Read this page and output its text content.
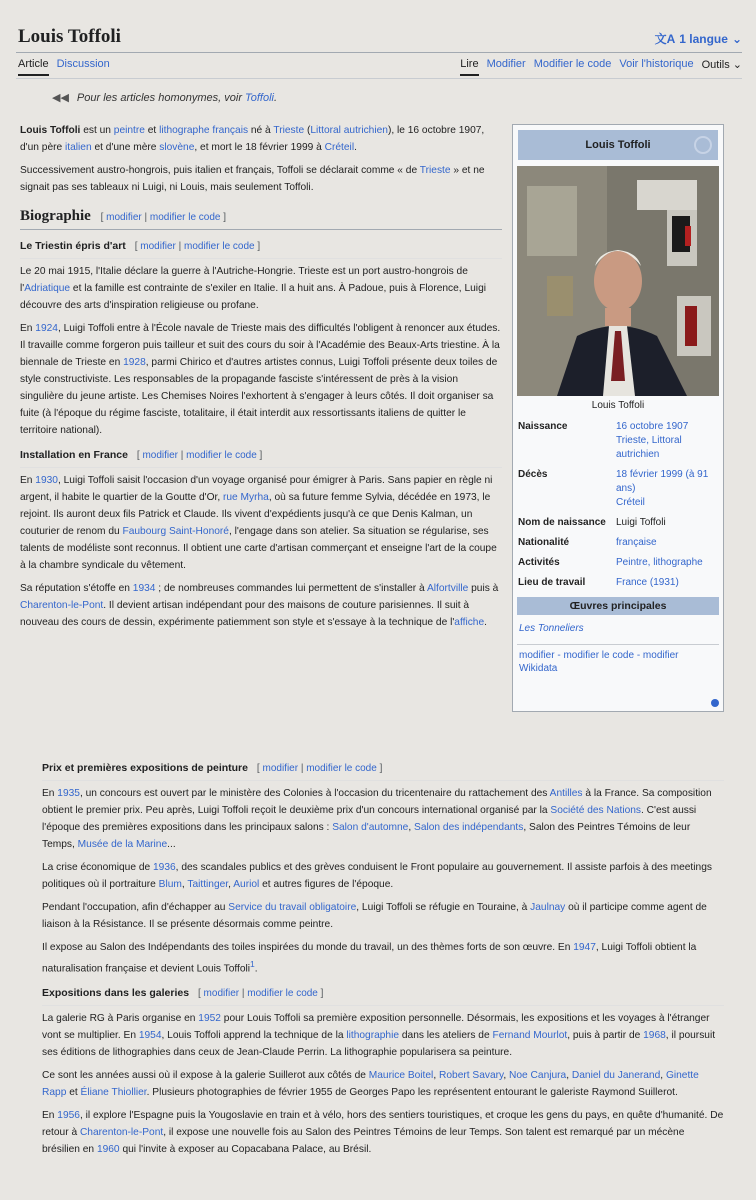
Louis Toffoli	文A 1 langue ⌄
Article Discussion	Lire Modifier Modifier le code Voir l'historique Outils ⌄
◀◀ Pour les articles homonymes, voir Toffoli.

Louis Toffoli est un peintre et lithographe français né à Trieste (Littoral autrichien), le 16 octobre 1907, d'un père italien et d'une mère slovène, et mort le 18 février 1999 à Créteil.

Successivement austro-hongrois, puis italien et français, Toffoli se déclarait comme « de Trieste » et ne signait pas ses tableaux ni Luigi, ni Louis, mais seulement Toffoli.

Biographie [ modifier | modifier le code ]
Le Triestin épris d'art [ modifier | modifier le code ]

Le 20 mai 1915, l'Italie déclare la guerre à l'Autriche-Hongrie. Trieste est un port austro-hongrois de l'Adriatique et la famille est contrainte de s'exiler en Italie. Il a huit ans. À Padoue, puis à Florence, Luigi découvre des arts d'inspiration religieuse ou profane.

En 1924, Luigi Toffoli entre à l'École navale de Trieste mais des difficultés l'obligent à renoncer aux études. Il travaille comme forgeron puis tailleur et suit des cours du soir à l'Académie des Beaux-Arts triestine. À la biennale de Trieste en 1928, parmi Chirico et d'autres artistes connus, Luigi Toffoli présente deux toiles de style constructiviste. Les responsables de la propagande fasciste s'intéressent de près à la vision singulière du jeune artiste. Les Chemises Noires l'exhortent à s'engager à leurs côtés. Il doit organiser sa fuite (à l'époque du régime fasciste, totalitaire, il était interdit aux ressortissants italiens de quitter le territoire national).

Installation en France [ modifier | modifier le code ]

En 1930, Luigi Toffoli saisit l'occasion d'un voyage organisé pour émigrer à Paris. Sans papier en règle ni argent, il habite le quartier de la Goutte d'Or, rue Myrha, où sa future femme Sylvia, décédée en 1973, le rejoint. Ils auront deux fils Patrick et Claude. Ils vivent d'expédients jusqu'à ce que Denis Kalman, un couturier de renom du Faubourg Saint-Honoré, l'engage dans son atelier. Sa situation se régularise, ses talents de modéliste sont reconnus. Il obtient une carte d'artisan commerçant et enseigne l'art de la coupe à la chambre syndicale du vêtement.

Sa réputation s'étoffe en 1934 ; de nombreuses commandes lui permettent de s'installer à Alfortville puis à Charenton-le-Pont. Il devient artisan indépendant pour des maisons de couture parisiennes. Il suit à nouveau des cours de dessin, expérimente patiemment son style et s'essaye à la technique de l'affiche.

Prix et premières expositions de peinture [ modifier | modifier le code ]

En 1935, un concours est ouvert par le ministère des Colonies à l'occasion du tricentenaire du rattachement des Antilles à la France. Sa composition obtient le premier prix. Peu après, Luigi Toffoli reçoit le deuxième prix d'un concours international organisé par la Société des Nations. C'est aussi l'époque des premières expositions dans les principaux salons : Salon d'automne, Salon des indépendants, Salon des Peintres Témoins de leur Temps, Musée de la Marine...

La crise économique de 1936, des scandales publics et des grèves conduisent le Front populaire au gouvernement. Il assiste parfois à des meetings politiques où il portraiture Blum, Taittinger, Auriol et autres figures de l'époque.

Pendant l'occupation, afin d'échapper au Service du travail obligatoire, Luigi Toffoli se réfugie en Touraine, à Jaulnay où il participe comme agent de liaison à la Résistance. Il se présente désormais comme peintre.

Il expose au Salon des Indépendants des toiles inspirées du monde du travail, un des thèmes forts de son œuvre. En 1947, Luigi Toffoli obtient la naturalisation française et devient Louis Toffoli$^1$.

Expositions dans les galeries [ modifier | modifier le code ]

La galerie RG à Paris organise en 1952 pour Louis Toffoli sa première exposition personnelle. Désormais, les expositions et les voyages à l'étranger vont se multiplier. En 1954, Louis Toffoli apprend la technique de la lithographie dans les ateliers de Fernand Mourlot, puis à partir de 1968, il poursuit ses éditions de lithographies dans ceux de Jean-Claude Perrin. La lithographie popularisera sa peinture.

Ce sont les années aussi où il expose à la galerie Suillerot aux côtés de Maurice Boitel, Robert Savary, Noe Canjura, Daniel du Janerand, Ginette Rapp et Éliane Thiollier. Plusieurs photographies de février 1955 de Georges Papo les représentent entourant le galeriste Raymond Suillerot.

En 1956, il explore l'Espagne puis la Yougoslavie en train et à vélo, hors des sentiers touristiques, et croque les gens du pays, en quête d'humanité. De retour à Charenton-le-Pont, il expose une nouvelle fois au Salon des Peintres Témoins de leur Temps. Son talent est remarqué par un mécène brésilien en 1960 qui l'invite à exposer au Copacabana Palace, au Brésil.

Louis Toffoli
Louis Toffoli
Naissance	16 octobre 1907
Trieste, Littoral autrichien

Décès	18 février 1999 (à 91 ans)
Créteil

Nom de naissance	Luigi Toffoli

Nationalité	française

Activités	Peintre, lithographe

Lieu de travail	France (1931)
Œuvres principales
Les Tonneliers
modifier - modifier le code - modifier Wikidata
